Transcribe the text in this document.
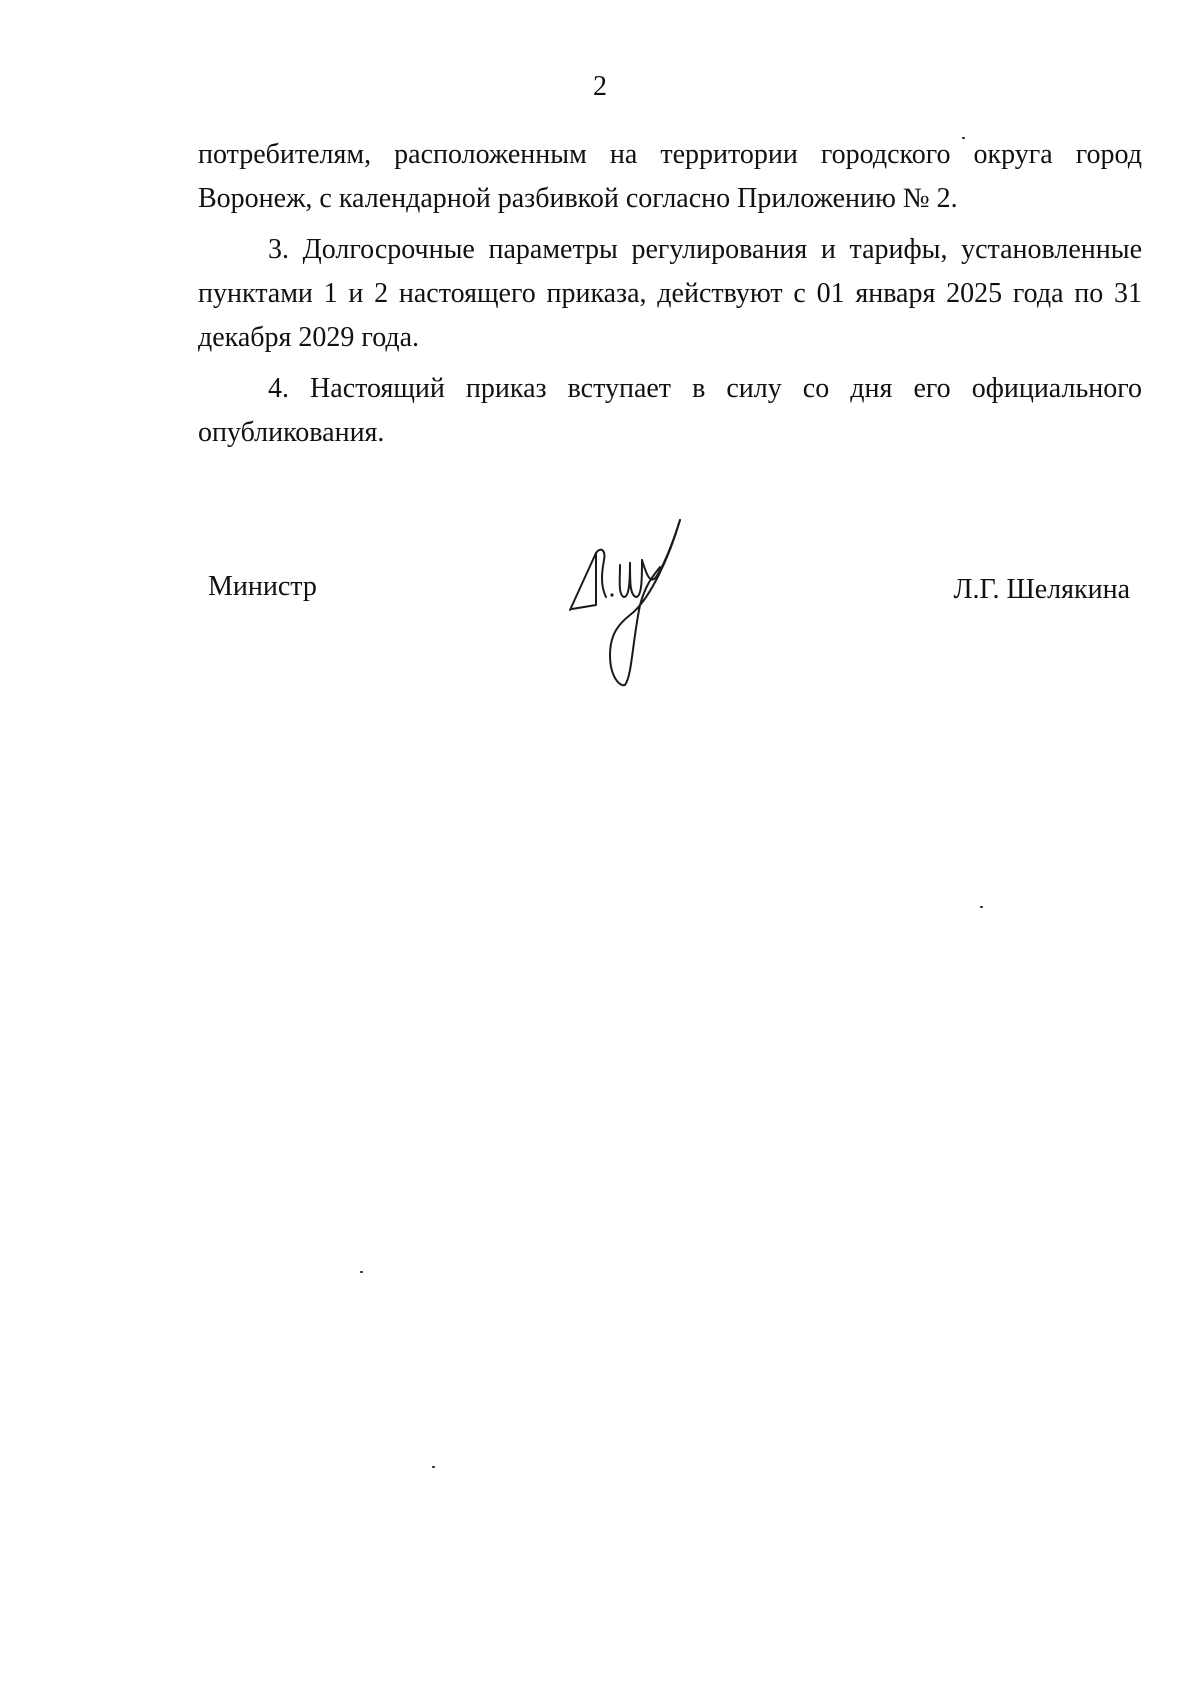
2

потребителям, расположенным на территории городского округа город Воронеж, с календарной разбивкой согласно Приложению № 2.

3. Долгосрочные параметры регулирования и тарифы, установленные пунктами 1 и 2 настоящего приказа, действуют с 01 января 2025 года по 31 декабря 2029 года.

4. Настоящий приказ вступает в силу со дня его официального опубликования.

Министр	Л.Г. Шелякина
